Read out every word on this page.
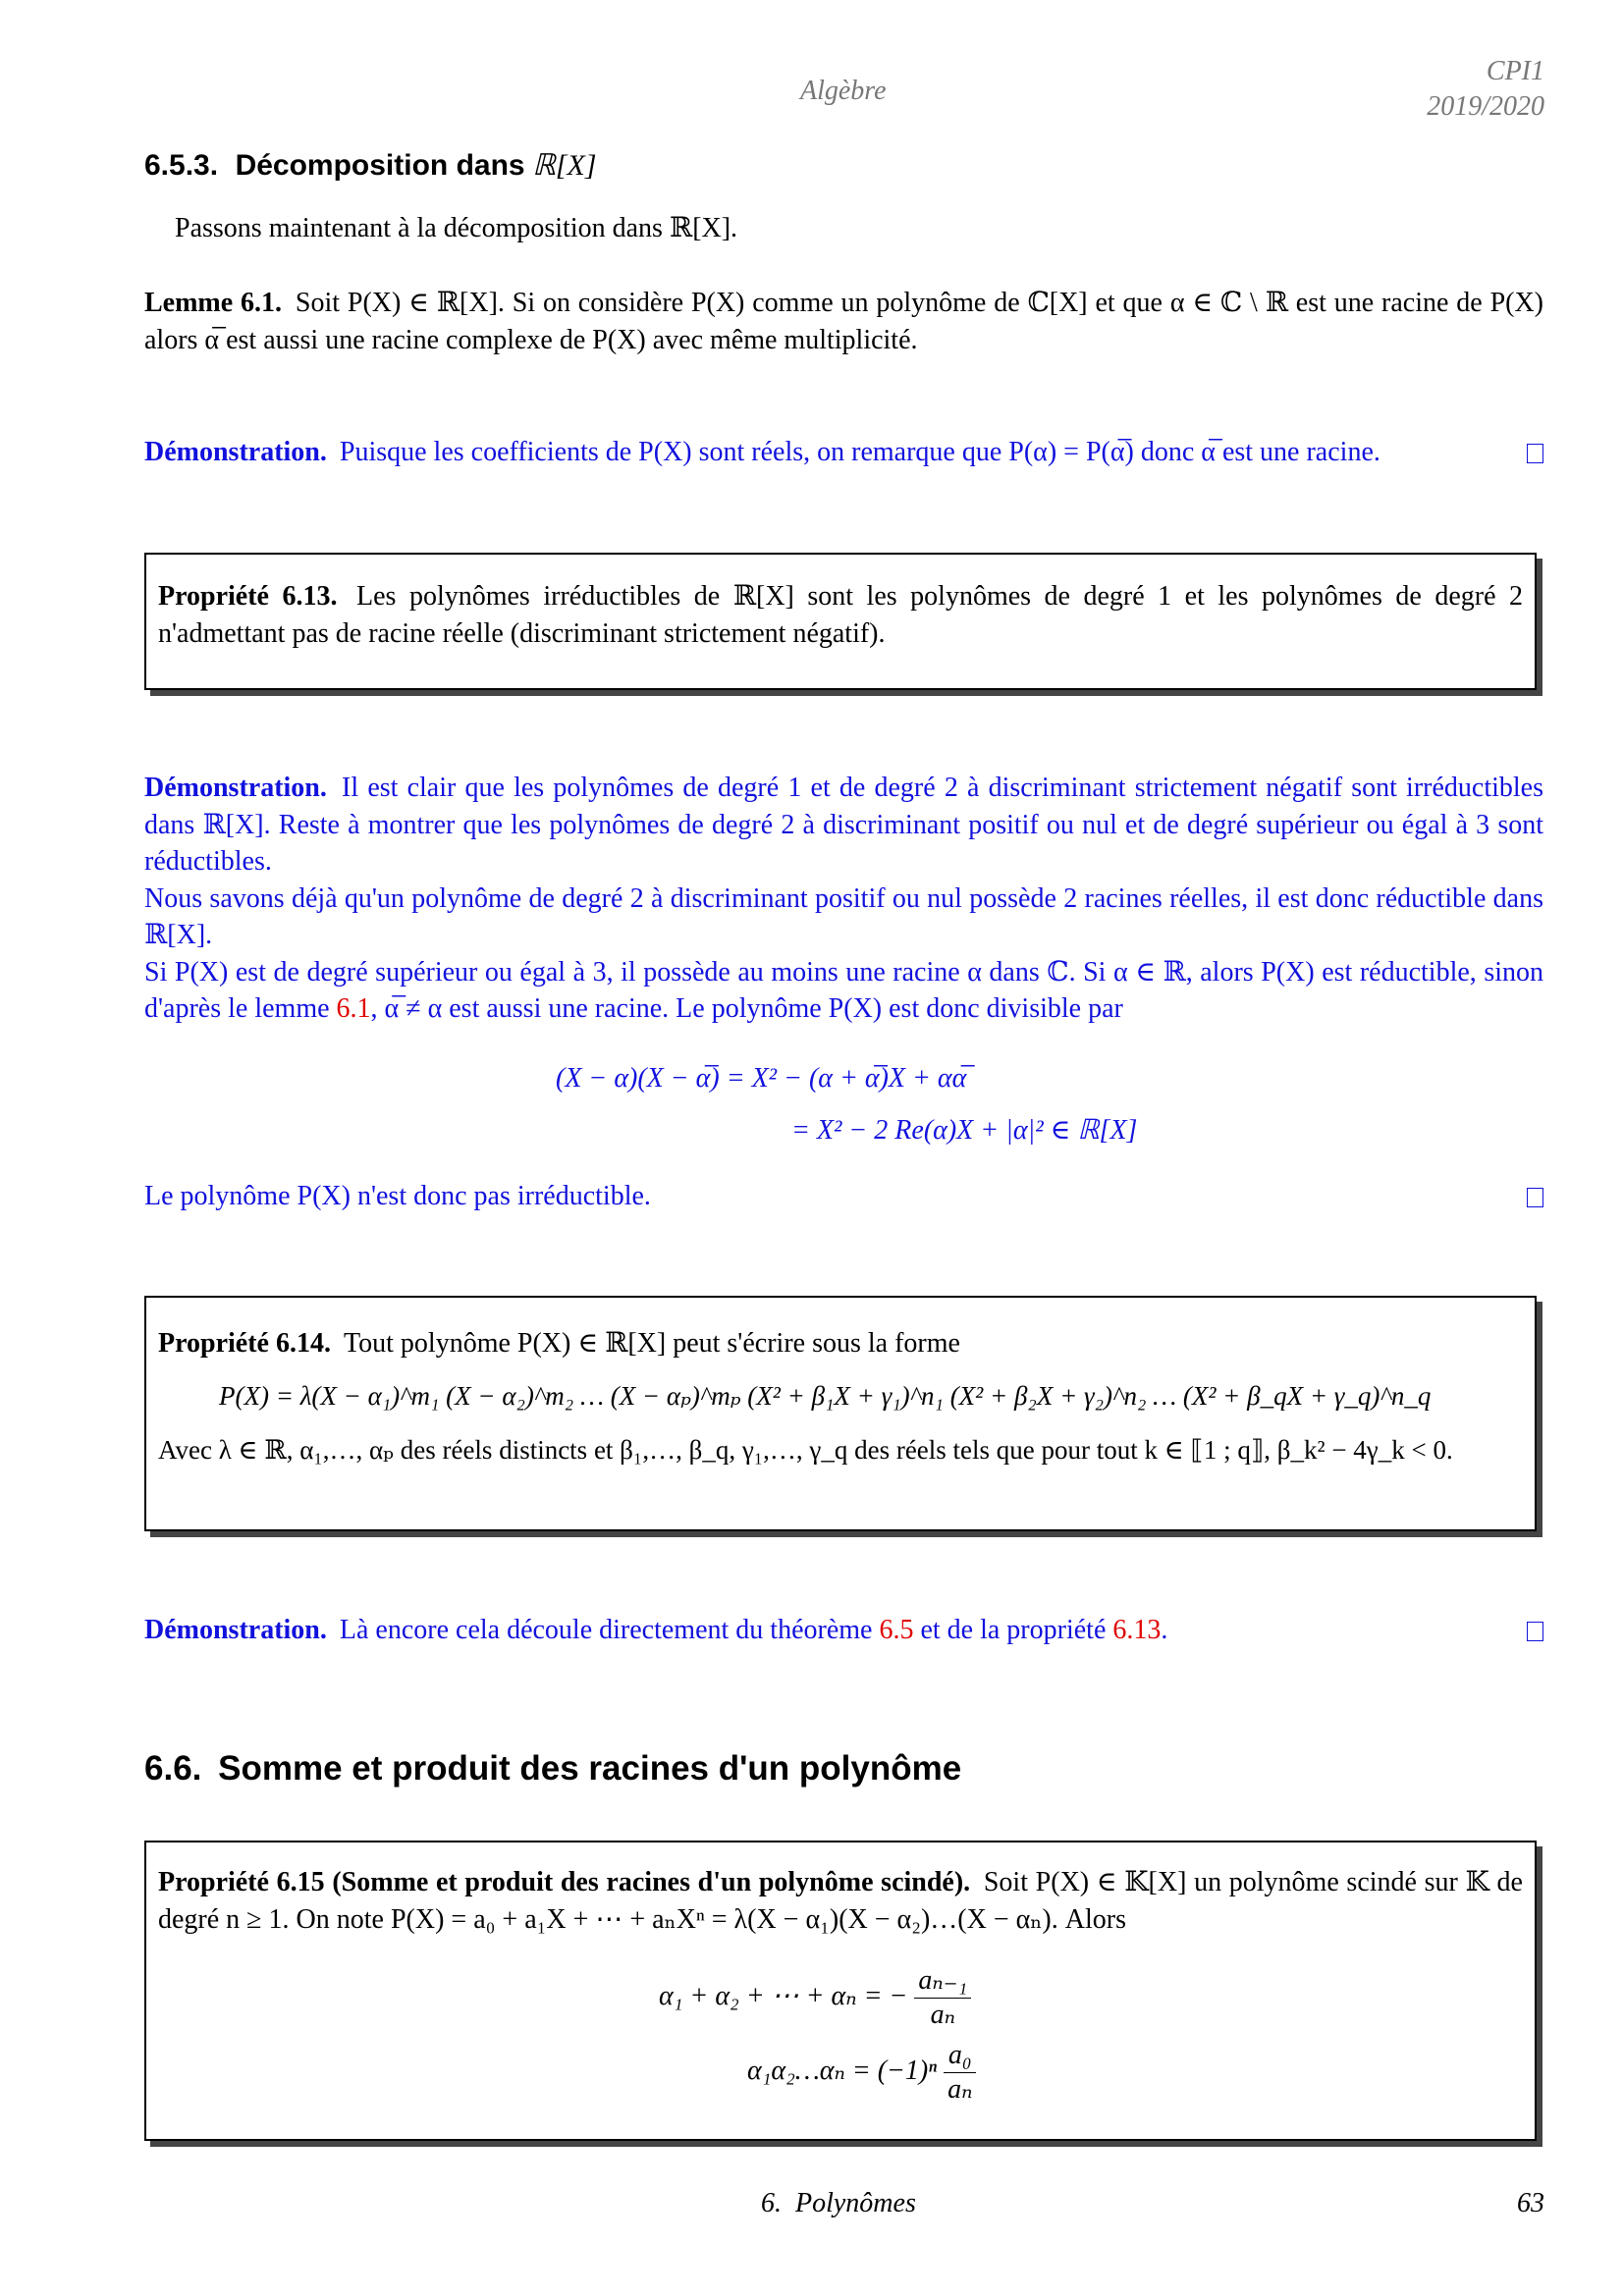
Algèbre
CPI1
2019/2020
6.5.3. Décomposition dans ℝ[X]
Passons maintenant à la décomposition dans ℝ[X].
Lemme 6.1. Soit P(X) ∈ ℝ[X]. Si on considère P(X) comme un polynôme de ℂ[X] et que α ∈ ℂ \ ℝ est une racine de P(X) alors α̅ est aussi une racine complexe de P(X) avec même multiplicité.
Démonstration. Puisque les coefficients de P(X) sont réels, on remarque que P(α) = P(α̅) donc α̅ est une racine.
Propriété 6.13. Les polynômes irréductibles de ℝ[X] sont les polynômes de degré 1 et les polynômes de degré 2 n'admettant pas de racine réelle (discriminant strictement négatif).
Démonstration. Il est clair que les polynômes de degré 1 et de degré 2 à discriminant strictement négatif sont irréductibles dans ℝ[X]. Reste à montrer que les polynômes de degré 2 à discriminant positif ou nul et de degré supérieur ou égal à 3 sont réductibles.
Nous savons déjà qu'un polynôme de degré 2 à discriminant positif ou nul possède 2 racines réelles, il est donc réductible dans ℝ[X].
Si P(X) est de degré supérieur ou égal à 3, il possède au moins une racine α dans ℂ. Si α ∈ ℝ, alors P(X) est réductible, sinon d'après le lemme 6.1, α̅ ≠ α est aussi une racine. Le polynôme P(X) est donc divisible par
(X − α)(X − α̅) = X² − (α + α̅)X + αα̅
= X² − 2 Re(α)X + |α|² ∈ ℝ[X]
Le polynôme P(X) n'est donc pas irréductible.
Propriété 6.14. Tout polynôme P(X) ∈ ℝ[X] peut s'écrire sous la forme
P(X) = λ(X − α₁)^m₁ (X − α₂)^m₂ … (X − αₚ)^mₚ (X² + β₁X + γ₁)^n₁ (X² + β₂X + γ₂)^n₂ … (X² + β_qX + γ_q)^n_q
Avec λ ∈ ℝ, α₁,…, αₚ des réels distincts et β₁,…, β_q, γ₁,…, γ_q des réels tels que pour tout k ∈ ⟦1 ; q⟧, β_k² − 4γ_k < 0.
Démonstration. Là encore cela découle directement du théorème 6.5 et de la propriété 6.13.
6.6. Somme et produit des racines d'un polynôme
Propriété 6.15 (Somme et produit des racines d'un polynôme scindé). Soit P(X) ∈ 𝕂[X] un polynôme scindé sur 𝕂 de degré n ≥ 1. On note P(X) = a₀ + a₁X + ⋯ + aₙXⁿ = λ(X − α₁)(X − α₂)…(X − αₙ). Alors
α₁ + α₂ + ⋯ + αₙ = − $\frac{\text{aₙ₋₁}}{\text{aₙ}}$
α₁α₂…αₙ = $(-1)^n \frac{\text{a₀}}{\text{aₙ}}$
6.  Polynômes	63
